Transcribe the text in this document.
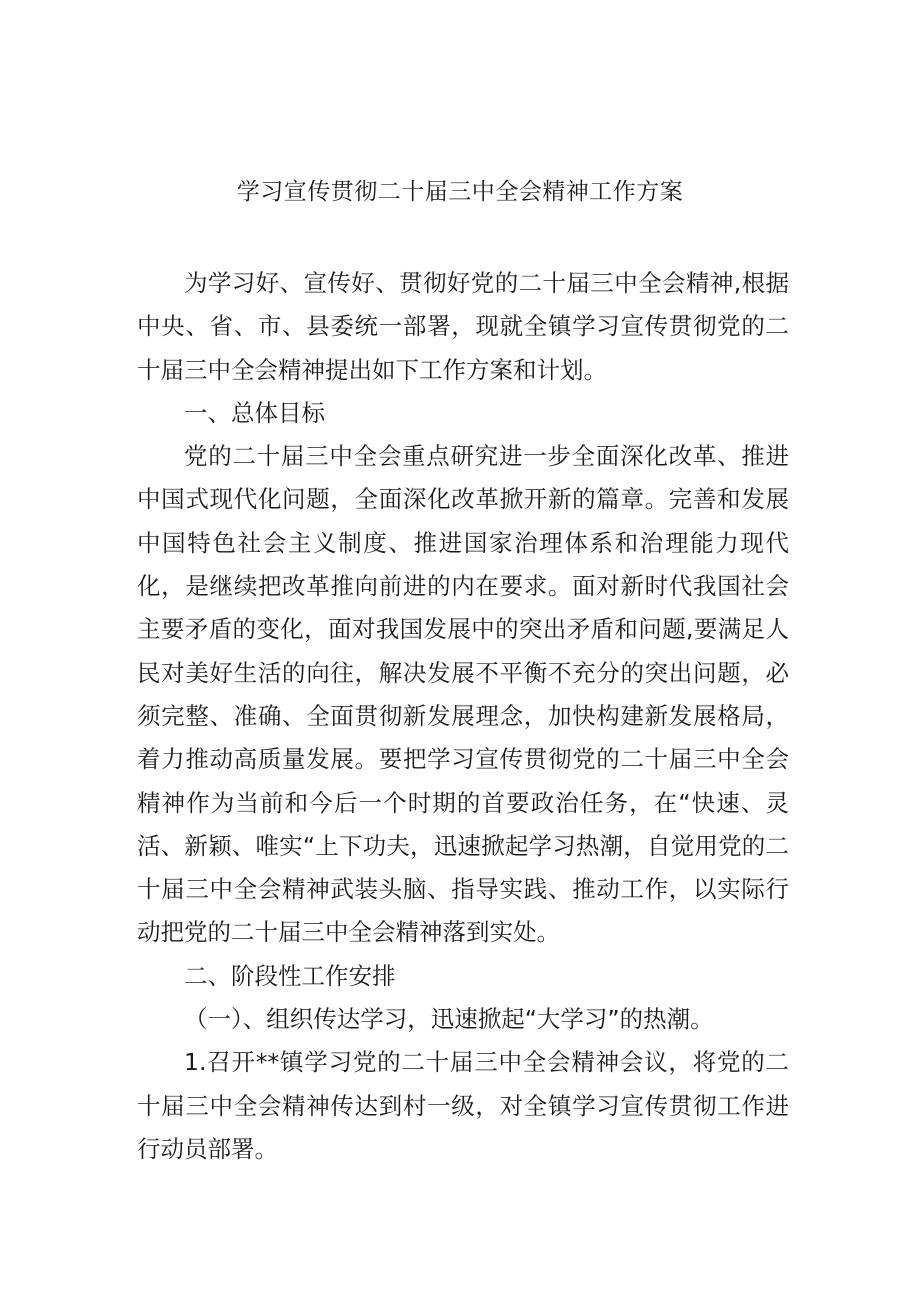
学习宣传贯彻二十届三中全会精神工作方案

为学习好、宣传好、贯彻好党的二十届三中全会精神,根据中央、省、市、县委统一部署，现就全镇学习宣传贯彻党的二十届三中全会精神提出如下工作方案和计划。

一、总体目标

党的二十届三中全会重点研究进一步全面深化改革、推进中国式现代化问题，全面深化改革掀开新的篇章。完善和发展中国特色社会主义制度、推进国家治理体系和治理能力现代化，是继续把改革推向前进的内在要求。面对新时代我国社会主要矛盾的变化，面对我国发展中的突出矛盾和问题,要满足人民对美好生活的向往，解决发展不平衡不充分的突出问题，必须完整、准确、全面贯彻新发展理念，加快构建新发展格局，着力推动高质量发展。要把学习宣传贯彻党的二十届三中全会精神作为当前和今后一个时期的首要政治任务，在“快速、灵活、新颖、唯实“上下功夫，迅速掀起学习热潮，自觉用党的二十届三中全会精神武装头脑、指导实践、推动工作，以实际行动把党的二十届三中全会精神落到实处。

二、阶段性工作安排

（一）、组织传达学习，迅速掀起“大学习”的热潮。

1.召开**镇学习党的二十届三中全会精神会议，将党的二十届三中全会精神传达到村一级，对全镇学习宣传贯彻工作进行动员部署。
